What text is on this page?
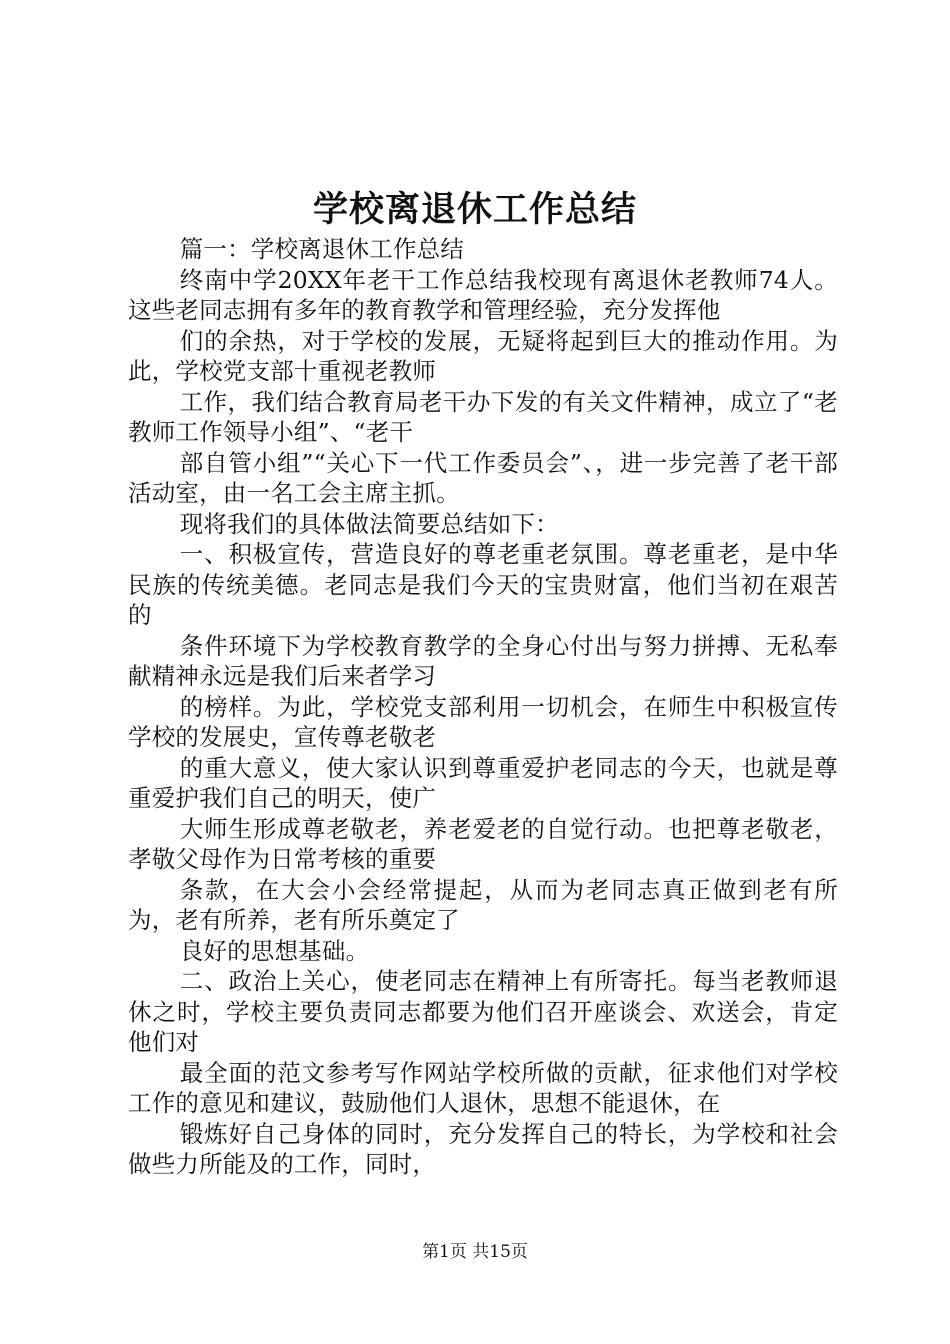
学校离退休工作总结

篇一：学校离退休工作总结

终南中学20XX年老干工作总结我校现有离退休老教师74人。这些老同志拥有多年的教育教学和管理经验，充分发挥他

们的余热，对于学校的发展，无疑将起到巨大的推动作用。为此，学校党支部十重视老教师

工作，我们结合教育局老干办下发的有关文件精神，成立了“老教师工作领导小组”、“老干

部自管小组”“关心下一代工作委员会”、，进一步完善了老干部活动室，由一名工会主席主抓。

现将我们的具体做法简要总结如下：

一、积极宣传，营造良好的尊老重老氛围。尊老重老，是中华民族的传统美德。老同志是我们今天的宝贵财富，他们当初在艰苦的

条件环境下为学校教育教学的全身心付出与努力拼搏、无私奉献精神永远是我们后来者学习

的榜样。为此，学校党支部利用一切机会，在师生中积极宣传学校的发展史，宣传尊老敬老

的重大意义，使大家认识到尊重爱护老同志的今天，也就是尊重爱护我们自己的明天，使广

大师生形成尊老敬老，养老爱老的自觉行动。也把尊老敬老，孝敬父母作为日常考核的重要

条款，在大会小会经常提起，从而为老同志真正做到老有所为，老有所养，老有所乐奠定了

良好的思想基础。

二、政治上关心，使老同志在精神上有所寄托。每当老教师退休之时，学校主要负责同志都要为他们召开座谈会、欢送会，肯定他们对

最全面的范文参考写作网站学校所做的贡献，征求他们对学校工作的意见和建议，鼓励他们人退休，思想不能退休，在

锻炼好自己身体的同时，充分发挥自己的特长，为学校和社会做些力所能及的工作，同时，

第1页 共15页
